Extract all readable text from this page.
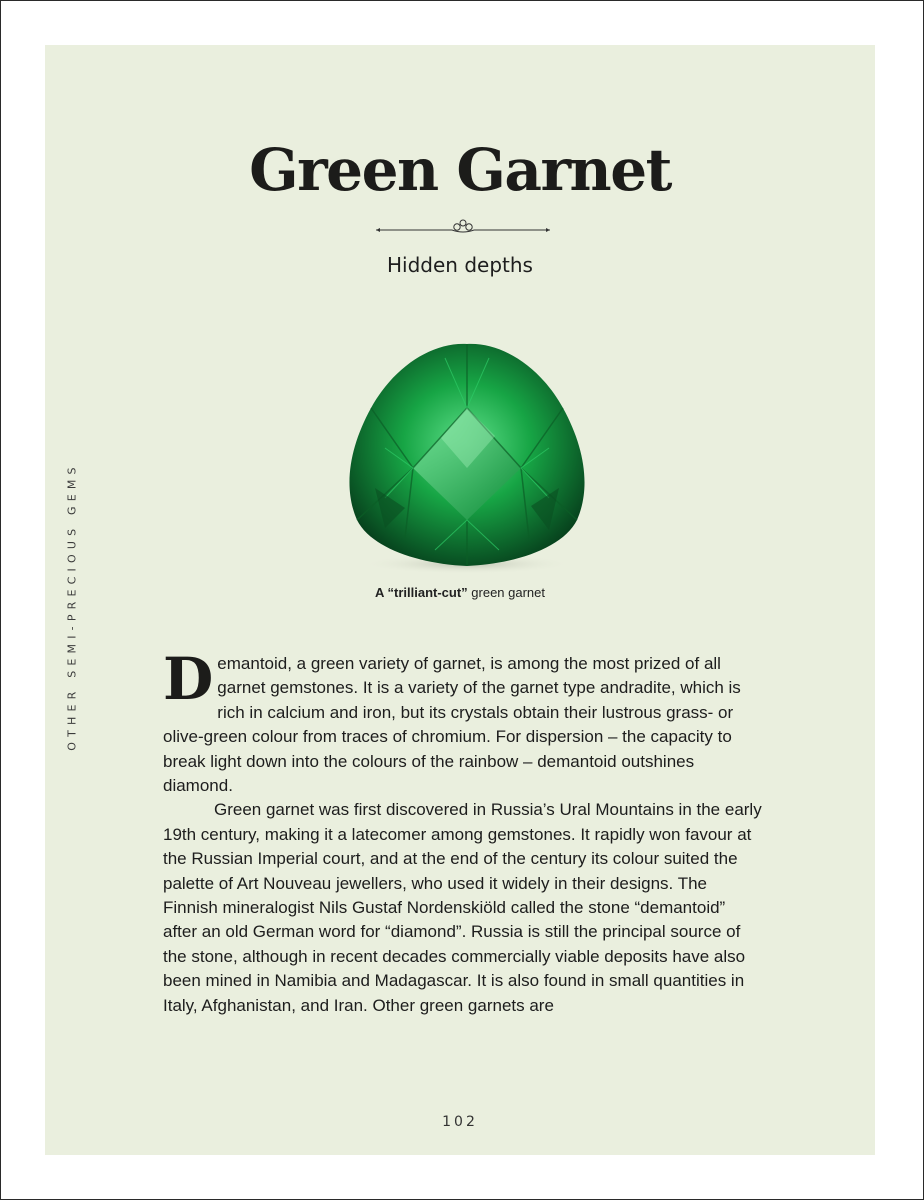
OTHER SEMI-PRECIOUS GEMS
Green Garnet
Hidden depths
A “trilliant-cut” green garnet

Demantoid, a green variety of garnet, is among the most prized of all garnet gemstones. It is a variety of the garnet type andradite, which is rich in calcium and iron, but its crystals obtain their lustrous grass- or olive-green colour from traces of chromium. For dispersion – the capacity to break light down into the colours of the rainbow – demantoid outshines diamond.

Green garnet was first discovered in Russia’s Ural Mountains in the early 19th century, making it a latecomer among gemstones. It rapidly won favour at the Russian Imperial court, and at the end of the century its colour suited the palette of Art Nouveau jewellers, who used it widely in their designs. The Finnish mineralogist Nils Gustaf Nordenskiöld called the stone “demantoid” after an old German word for “diamond”. Russia is still the principal source of the stone, although in recent decades commercially viable deposits have also been mined in Namibia and Madagascar. It is also found in small quantities in Italy, Afghanistan, and Iran. Other green garnets are

102
